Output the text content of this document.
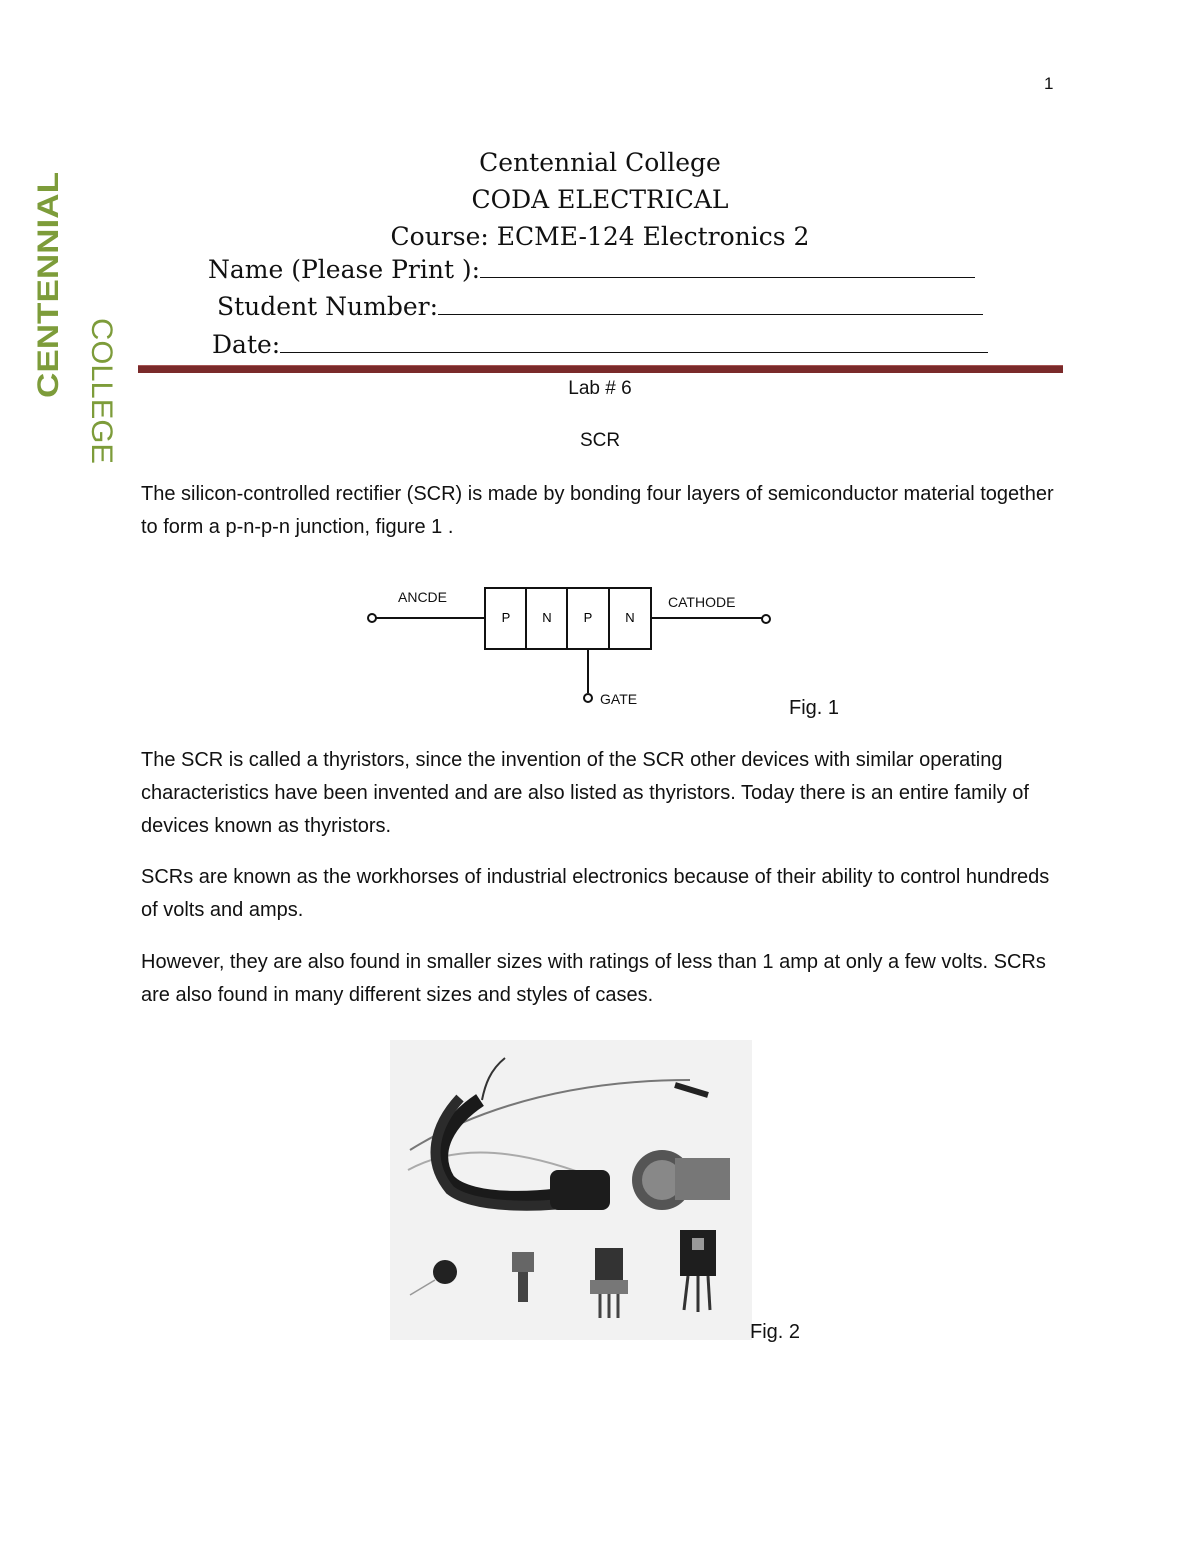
1
CENTENNIAL COLLEGE
Centennial College
CODA ELECTRICAL
Course: ECME-124 Electronics 2
Name (Please Print ):
Student Number:
Date:
Lab # 6
SCR

The silicon-controlled rectifier (SCR) is made by bonding four layers of semiconductor material together to form a p-n-p-n junction, figure 1 .

ANCDE
P N P	N
CATHODE
GATE	Fig. 1

The SCR is called a thyristors, since the invention of the SCR other devices with similar operating characteristics have been invented and are also listed as thyristors. Today there is an entire family of devices known as thyristors.

SCRs are known as the workhorses of industrial electronics because of their ability to control hundreds of volts and amps.

However, they are also found in smaller sizes with ratings of less than 1 amp at only a few volts. SCRs are also found in many different sizes and styles of cases.

Fig. 2
